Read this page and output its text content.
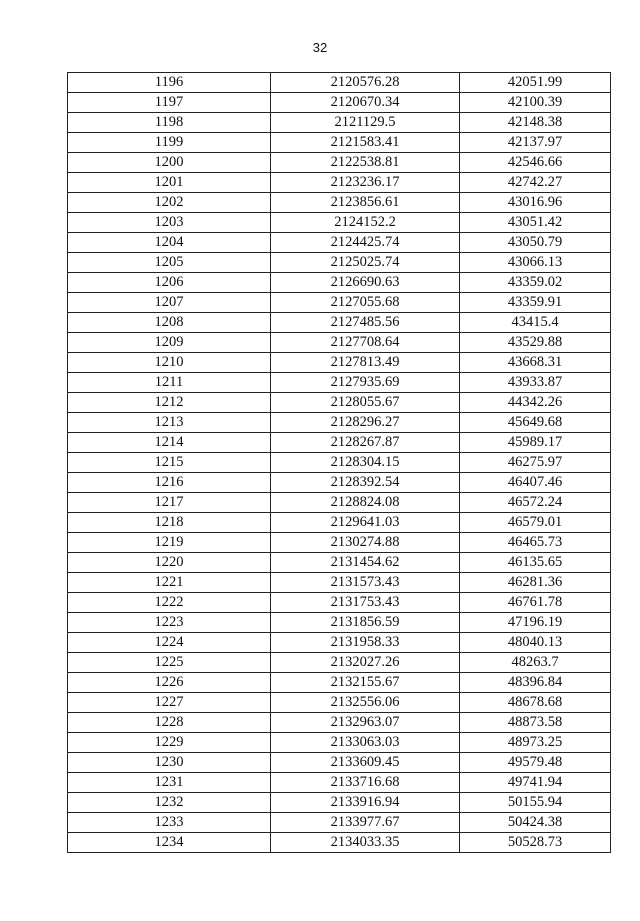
32
1196	2120576.28	42051.99
1197	2120670.34	42100.39
1198	2121129.5	42148.38
1199	2121583.41	42137.97
1200	2122538.81	42546.66
1201	2123236.17	42742.27
1202	2123856.61	43016.96
1203	2124152.2	43051.42
1204	2124425.74	43050.79
1205	2125025.74	43066.13
1206	2126690.63	43359.02
1207	2127055.68	43359.91
1208	2127485.56	43415.4
1209	2127708.64	43529.88
1210	2127813.49	43668.31
1211	2127935.69	43933.87
1212	2128055.67	44342.26
1213	2128296.27	45649.68
1214	2128267.87	45989.17
1215	2128304.15	46275.97
1216	2128392.54	46407.46
1217	2128824.08	46572.24
1218	2129641.03	46579.01
1219	2130274.88	46465.73
1220	2131454.62	46135.65
1221	2131573.43	46281.36
1222	2131753.43	46761.78
1223	2131856.59	47196.19
1224	2131958.33	48040.13
1225	2132027.26	48263.7
1226	2132155.67	48396.84
1227	2132556.06	48678.68
1228	2132963.07	48873.58
1229	2133063.03	48973.25
1230	2133609.45	49579.48
1231	2133716.68	49741.94
1232	2133916.94	50155.94
1233	2133977.67	50424.38
1234	2134033.35	50528.73
